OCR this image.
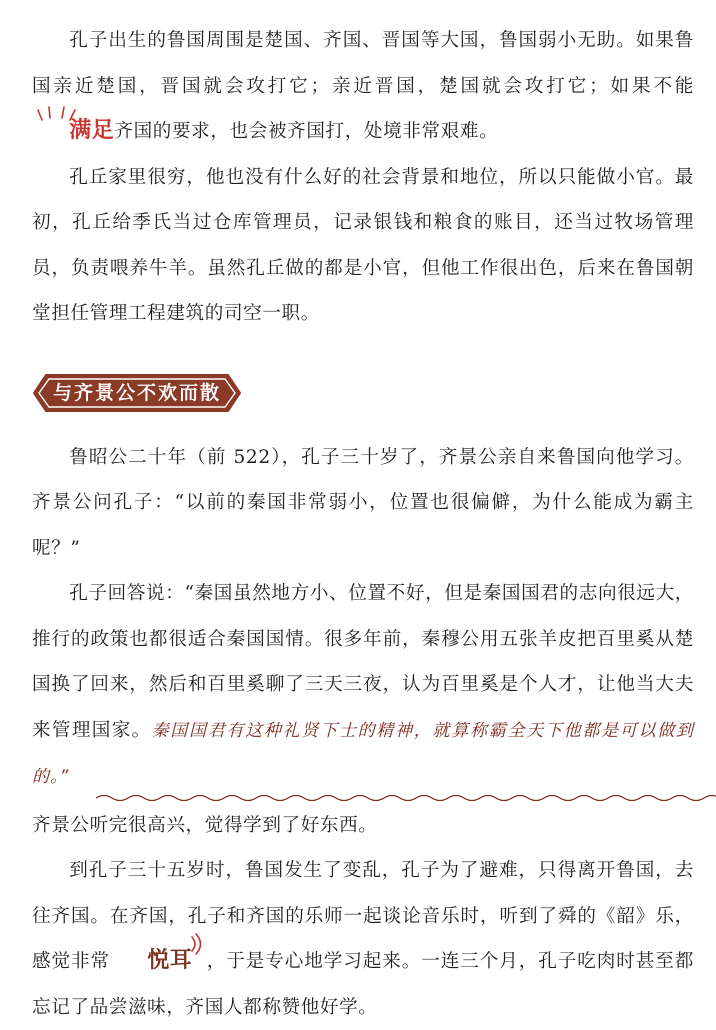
孔子出生的鲁国周围是楚国、齐国、晋国等大国，鲁国弱小无助。如果鲁国亲近楚国，晋国就会攻打它；亲近晋国，楚国就会攻打它；如果不能
满足齐国的要求，也会被齐国打，处境非常艰难。

孔丘家里很穷，他也没有什么好的社会背景和地位，所以只能做小官。最初，孔丘给季氏当过仓库管理员，记录银钱和粮食的账目，还当过牧场管理员，负责喂养牛羊。虽然孔丘做的都是小官，但他工作很出色，后来在鲁国朝堂担任管理工程建筑的司空一职。

与齐景公不欢而散

鲁昭公二十年（前 522），孔子三十岁了，齐景公亲自来鲁国向他学习。齐景公问孔子：“以前的秦国非常弱小，位置也很偏僻，为什么能成为霸主呢？”

孔子回答说：“秦国虽然地方小、位置不好，但是秦国国君的志向很远大，推行的政策也都很适合秦国国情。很多年前，秦穆公用五张羊皮把百里奚从楚国换了回来，然后和百里奚聊了三天三夜，认为百里奚是个人才，让他当大夫来管理国家。秦国国君有这种礼贤下士的精神，就算称霸全天下他都是可以做到的。”

齐景公听完很高兴，觉得学到了好东西。

到孔子三十五岁时，鲁国发生了变乱，孔子为了避难，只得离开鲁国，去往齐国。在齐国，孔子和齐国的乐师一起谈论音乐时，听到了舜的《韶》乐，感觉非常 悦耳 ，于是专心地学习起来。一连三个月，孔子吃肉时甚至都忘记了品尝滋味，齐国人都称赞他好学。
